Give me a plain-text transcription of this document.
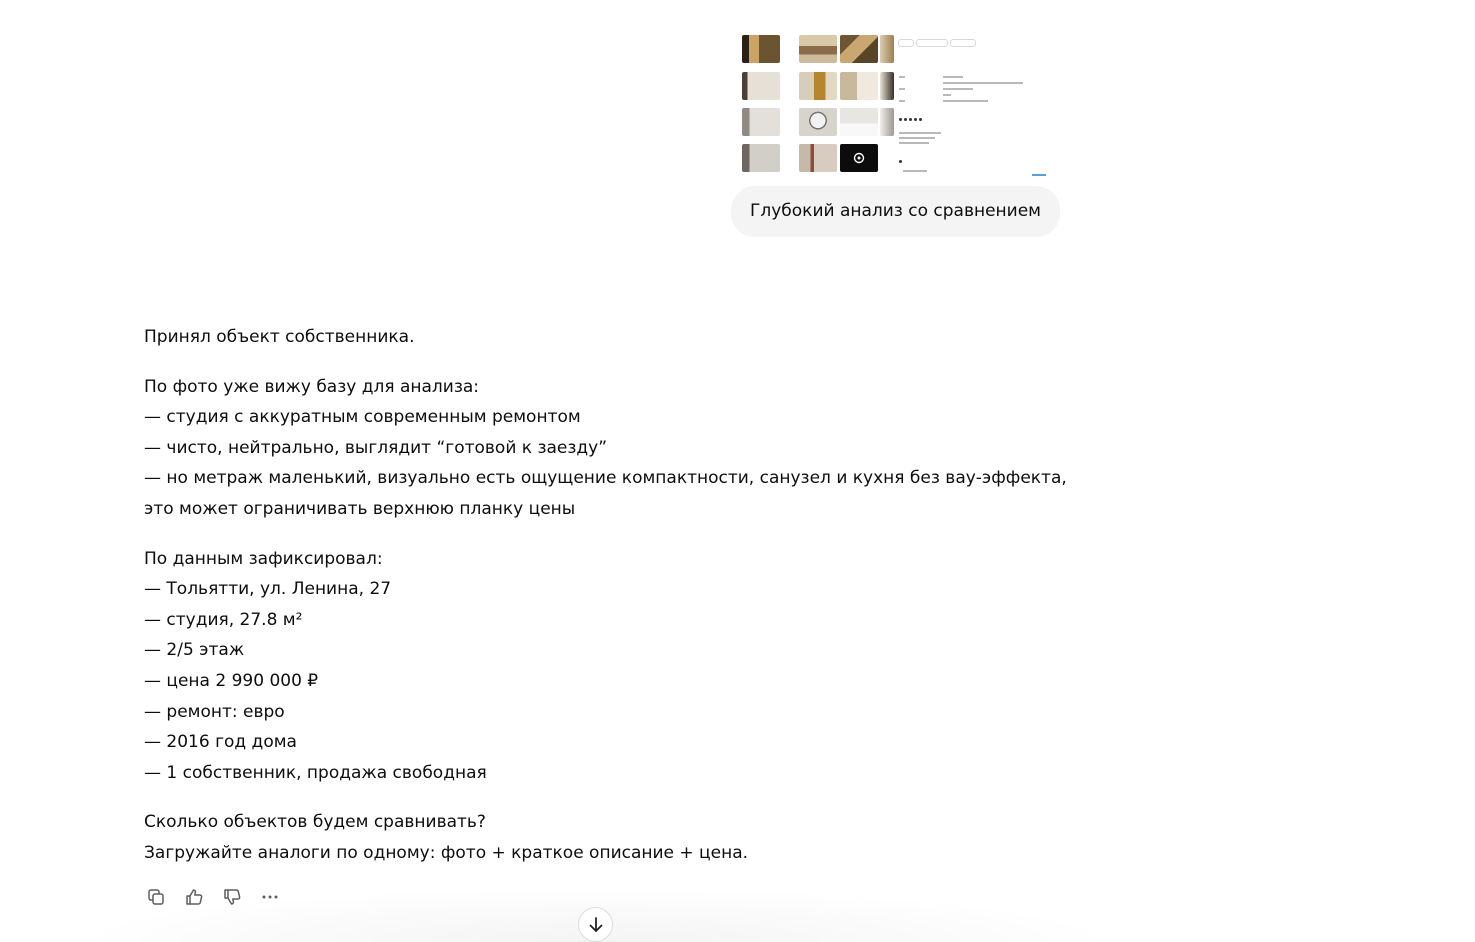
Глубокий анализ со сравнением

Принял объект собственника.

По фото уже вижу базу для анализа:
— студия с аккуратным современным ремонтом
— чисто, нейтрально, выглядит “готовой к заезду”
— но метраж маленький, визуально есть ощущение компактности, санузел и кухня без вау-эффекта,
это может ограничивать верхнюю планку цены

По данным зафиксировал:
— Тольятти, ул. Ленина, 27
— студия, 27.8 м²
— 2/5 этаж
— цена 2 990 000 ₽
— ремонт: евро
— 2016 год дома
— 1 собственник, продажа свободная

Сколько объектов будем сравнивать?
Загружайте аналоги по одному: фото + краткое описание + цена.
